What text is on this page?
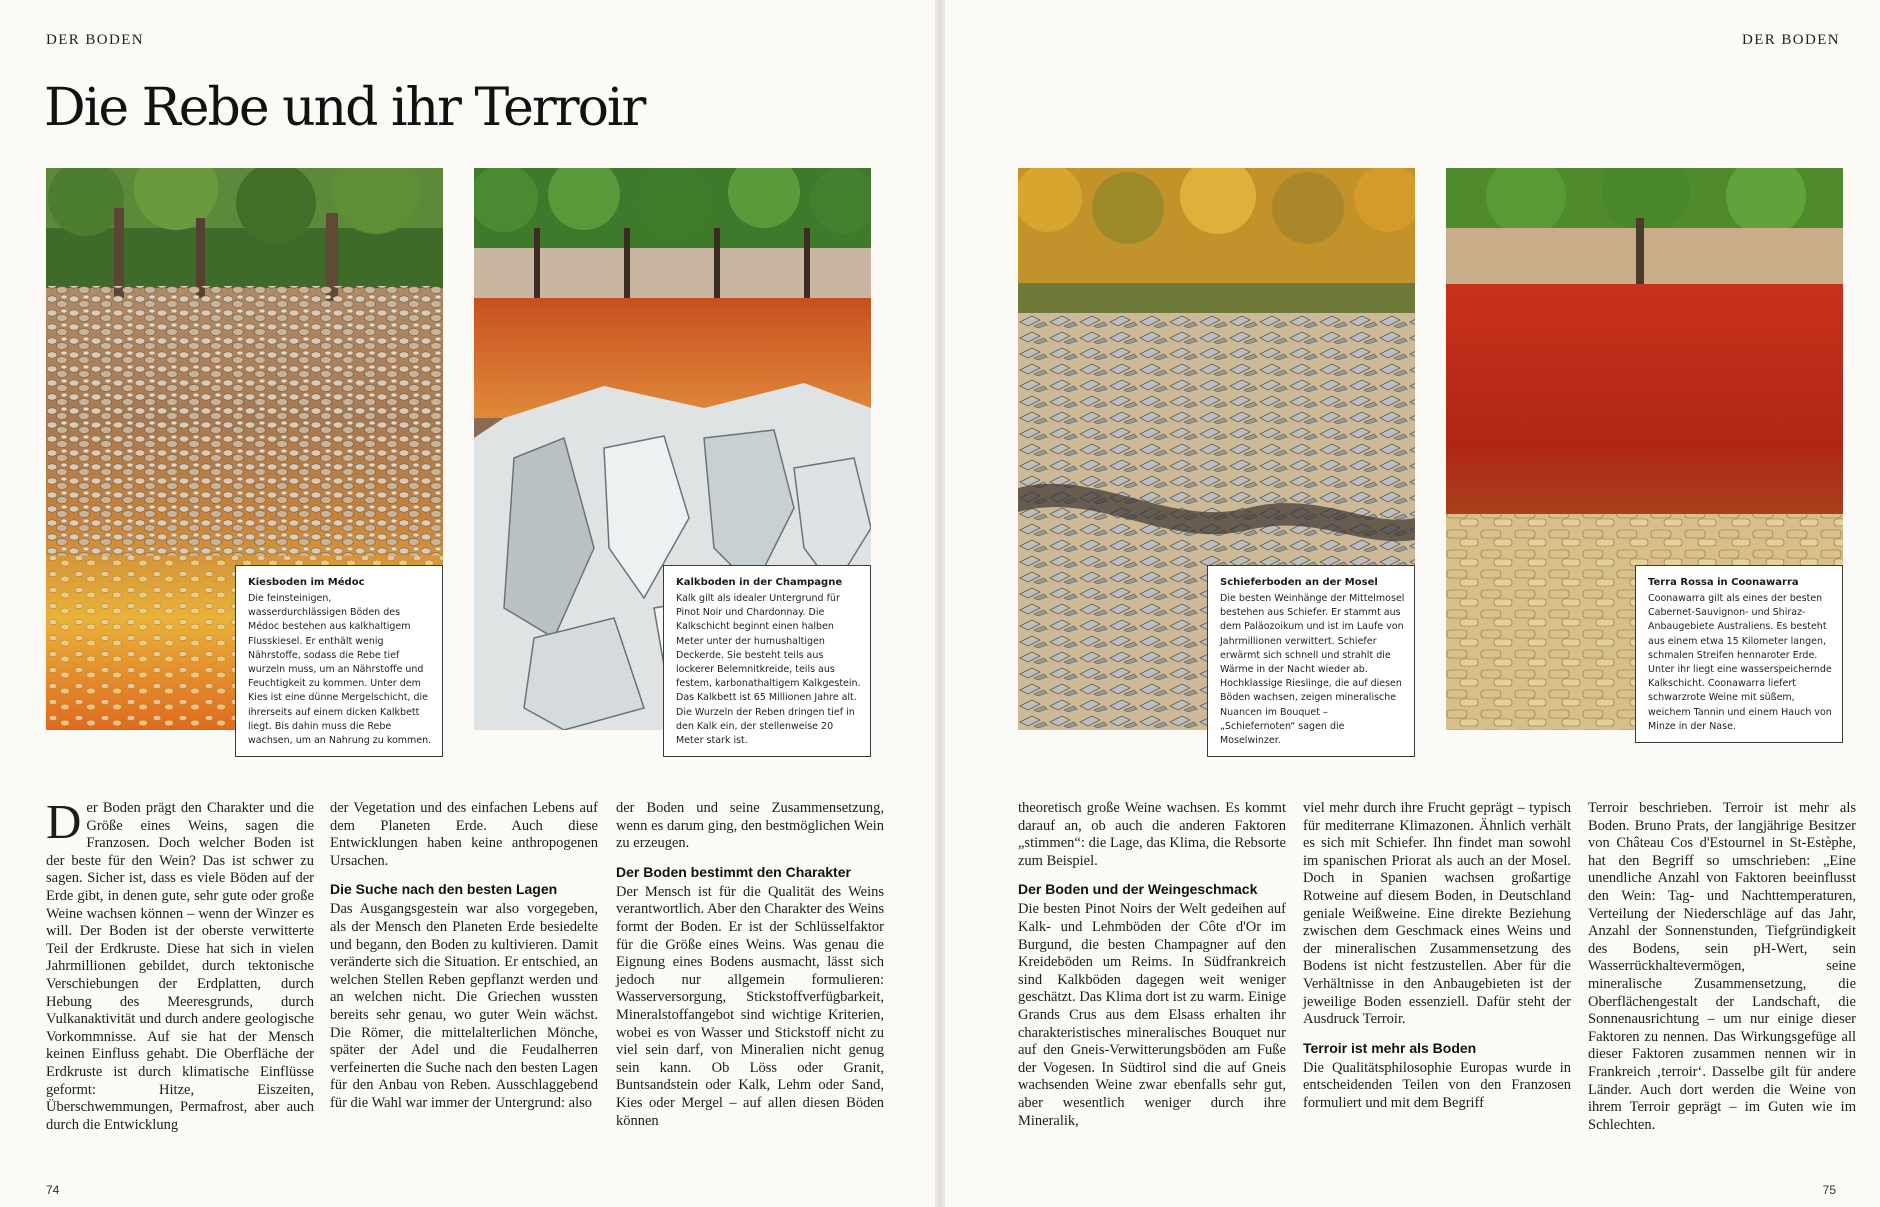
DER BODEN
Die Rebe und ihr Terroir
Kiesboden im Médoc
Die feinsteinigen, wasserdurchlässigen Böden des Médoc bestehen aus kalkhaltigem Flusskiesel. Er enthält wenig Nährstoffe, sodass die Rebe tief wurzeln muss, um an Nährstoffe und Feuchtigkeit zu kommen. Unter dem Kies ist eine dünne Mergelschicht, die ihrerseits auf einem dicken Kalkbett liegt. Bis dahin muss die Rebe wachsen, um an Nahrung zu kommen.
Kalkboden in der Champagne
Kalk gilt als idealer Untergrund für Pinot Noir und Chardonnay. Die Kalkschicht beginnt einen halben Meter unter der humushaltigen Deckerde. Sie besteht teils aus lockerer Belemnitkreide, teils aus festem, karbonathaltigem Kalkgestein. Das Kalkbett ist 65 Millionen Jahre alt. Die Wurzeln der Reben dringen tief in den Kalk ein, der stellenweise 20 Meter stark ist.

Der Boden prägt den Charakter und die Größe eines Weins, sagen die Franzosen. Doch welcher Boden ist der beste für den Wein? Das ist schwer zu sagen. Sicher ist, dass es viele Böden auf der Erde gibt, in denen gute, sehr gute oder große Weine wachsen können – wenn der Winzer es will. Der Boden ist der oberste verwitterte Teil der Erdkruste. Diese hat sich in vielen Jahrmillionen gebildet, durch tektonische Verschiebungen der Erdplatten, durch Hebung des Meeresgrunds, durch Vulkanaktivität und durch andere geologische Vorkommnisse. Auf sie hat der Mensch keinen Einfluss gehabt. Die Oberfläche der Erdkruste ist durch klimatische Einflüsse geformt: Hitze, Eiszeiten, Überschwemmungen, Permafrost, aber auch durch die Entwicklung

der Vegetation und des einfachen Lebens auf dem Planeten Erde. Auch diese Entwicklungen haben keine anthropogenen Ursachen.

Die Suche nach den besten Lagen

Das Ausgangsgestein war also vorgegeben, als der Mensch den Planeten Erde besiedelte und begann, den Boden zu kultivieren. Damit veränderte sich die Situation. Er entschied, an welchen Stellen Reben gepflanzt werden und an welchen nicht. Die Griechen wussten bereits sehr genau, wo guter Wein wächst. Die Römer, die mittelalterlichen Mönche, später der Adel und die Feudalherren verfeinerten die Suche nach den besten Lagen für den Anbau von Reben. Ausschlaggebend für die Wahl war immer der Untergrund: also

der Boden und seine Zusammensetzung, wenn es darum ging, den bestmöglichen Wein zu erzeugen.

Der Boden bestimmt den Charakter

Der Mensch ist für die Qualität des Weins verantwortlich. Aber den Charakter des Weins formt der Boden. Er ist der Schlüsselfaktor für die Größe eines Weins. Was genau die Eignung eines Bodens ausmacht, lässt sich jedoch nur allgemein formulieren: Wasserversorgung, Stickstoffverfügbarkeit, Mineralstoffangebot sind wichtige Kriterien, wobei es von Wasser und Stickstoff nicht zu viel sein darf, von Mineralien nicht genug sein kann. Ob Löss oder Granit, Buntsandstein oder Kalk, Lehm oder Sand, Kies oder Mergel – auf allen diesen Böden können

74
DER BODEN
Schieferboden an der Mosel
Die besten Weinhänge der Mittelmosel bestehen aus Schiefer. Er stammt aus dem Paläozoikum und ist im Laufe von Jahrmillionen verwittert. Schiefer erwärmt sich schnell und strahlt die Wärme in der Nacht wieder ab. Hochklassige Rieslinge, die auf diesen Böden wachsen, zeigen mineralische Nuancen im Bouquet – „Schiefernoten“ sagen die Moselwinzer.
Terra Rossa in Coonawarra
Coonawarra gilt als eines der besten Cabernet-Sauvignon- und Shiraz-Anbaugebiete Australiens. Es besteht aus einem etwa 15 Kilometer langen, schmalen Streifen hennaroter Erde. Unter ihr liegt eine wasserspeichernde Kalkschicht. Coonawarra liefert schwarzrote Weine mit süßem, weichem Tannin und einem Hauch von Minze in der Nase.

theoretisch große Weine wachsen. Es kommt darauf an, ob auch die anderen Faktoren „stimmen“: die Lage, das Klima, die Rebsorte zum Beispiel.

Der Boden und der Weingeschmack

Die besten Pinot Noirs der Welt gedeihen auf Kalk- und Lehmböden der Côte d'Or im Burgund, die besten Champagner auf den Kreideböden um Reims. In Südfrankreich sind Kalkböden dagegen weit weniger geschätzt. Das Klima dort ist zu warm. Einige Grands Crus aus dem Elsass erhalten ihr charakteristisches mineralisches Bouquet nur auf den Gneis-Verwitterungsböden am Fuße der Vogesen. In Südtirol sind die auf Gneis wachsenden Weine zwar ebenfalls sehr gut, aber wesentlich weniger durch ihre Mineralik,

viel mehr durch ihre Frucht geprägt – typisch für mediterrane Klimazonen. Ähnlich verhält es sich mit Schiefer. Ihn findet man sowohl im spanischen Priorat als auch an der Mosel. Doch in Spanien wachsen großartige Rotweine auf diesem Boden, in Deutschland geniale Weißweine. Eine direkte Beziehung zwischen dem Geschmack eines Weins und der mineralischen Zusammensetzung des Bodens ist nicht festzustellen. Aber für die Verhältnisse in den Anbaugebieten ist der jeweilige Boden essenziell. Dafür steht der Ausdruck Terroir.

Terroir ist mehr als Boden

Die Qualitätsphilosophie Europas wurde in entscheidenden Teilen von den Franzosen formuliert und mit dem Begriff

Terroir beschrieben. Terroir ist mehr als Boden. Bruno Prats, der langjährige Besitzer von Château Cos d'Estournel in St-Estèphe, hat den Begriff so umschrieben: „Eine unendliche Anzahl von Faktoren beeinflusst den Wein: Tag- und Nachttemperaturen, Verteilung der Niederschläge auf das Jahr, Anzahl der Sonnenstunden, Tiefgründigkeit des Bodens, sein pH-Wert, sein Wasserrückhaltevermögen, seine mineralische Zusammensetzung, die Oberflächengestalt der Landschaft, die Sonnenausrichtung – um nur einige dieser Faktoren zu nennen. Das Wirkungsgefüge all dieser Faktoren zusammen nennen wir in Frankreich ‚terroir‘. Dasselbe gilt für andere Länder. Auch dort werden die Weine von ihrem Terroir geprägt – im Guten wie im Schlechten.

75
